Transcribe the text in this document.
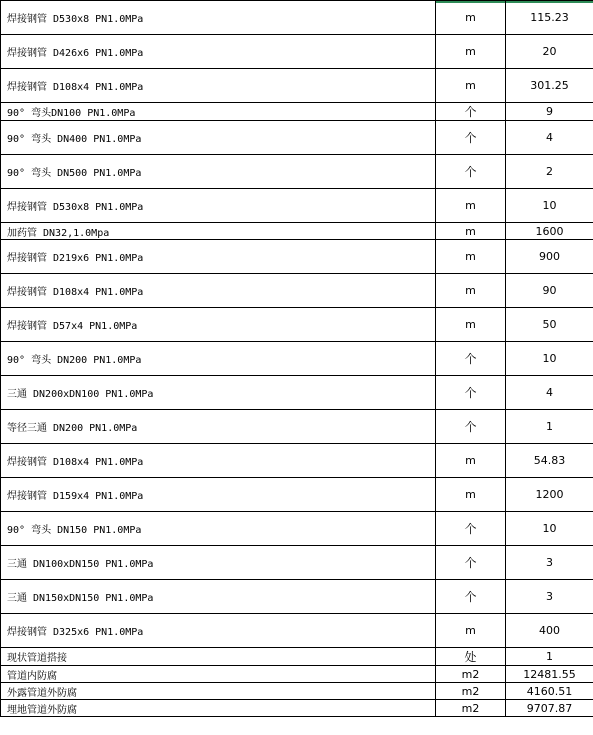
焊接钢管 D530x8 PN1.0MPa	m	115.23	
焊接钢管 D426x6 PN1.0MPa	m	20	
焊接钢管 D108x4 PN1.0MPa	m	301.25	
90° 弯头DN100 PN1.0MPa	个	9	
90° 弯头 DN400 PN1.0MPa	个	4	
90° 弯头 DN500 PN1.0MPa	个	2	
焊接钢管 D530x8 PN1.0MPa	m	10	
加药管 DN32,1.0Mpa	m	1600	
焊接钢管 D219x6 PN1.0MPa	m	900	
焊接钢管 D108x4 PN1.0MPa	m	90	
焊接钢管 D57x4 PN1.0MPa	m	50	
90° 弯头 DN200 PN1.0MPa	个	10	
三通 DN200xDN100 PN1.0MPa	个	4	
等径三通 DN200 PN1.0MPa	个	1	
焊接钢管 D108x4 PN1.0MPa	m	54.83	
焊接钢管 D159x4 PN1.0MPa	m	1200	
90° 弯头 DN150 PN1.0MPa	个	10	
三通 DN100xDN150 PN1.0MPa	个	3	
三通 DN150xDN150 PN1.0MPa	个	3	
焊接钢管 D325x6 PN1.0MPa	m	400	
现状管道搭接	处	1	
管道内防腐	m2	12481.55	
外露管道外防腐	m2	4160.51	
埋地管道外防腐	m2	9707.87	
